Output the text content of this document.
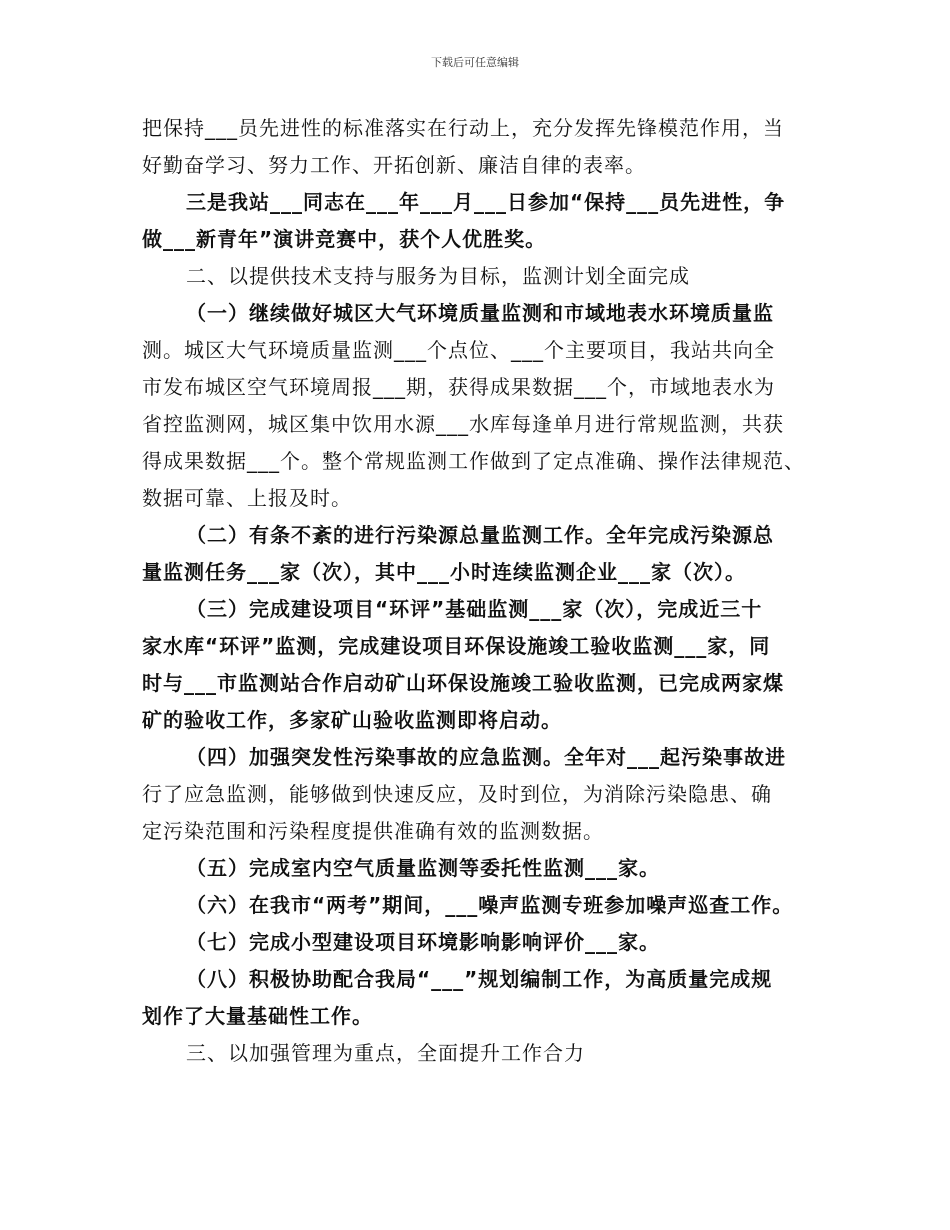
下载后可任意编辑
把保持___员先进性的标准落实在行动上，充分发挥先锋模范作用，当
好勤奋学习、努力工作、开拓创新、廉洁自律的表率。
三是我站___同志在___年___月___日参加“保持___员先进性，争
做___新青年”演讲竞赛中，获个人优胜奖。
二、以提供技术支持与服务为目标，监测计划全面完成
（一）继续做好城区大气环境质量监测和市域地表水环境质量监
测。城区大气环境质量监测___个点位、___个主要项目，我站共向全
市发布城区空气环境周报___期，获得成果数据___个，市域地表水为
省控监测网，城区集中饮用水源___水库每逢单月进行常规监测，共获
得成果数据___个。整个常规监测工作做到了定点准确、操作法律规范、
数据可靠、上报及时。
（二）有条不紊的进行污染源总量监测工作。全年完成污染源总
量监测任务___家（次），其中___小时连续监测企业___家（次）。
（三）完成建设项目“环评”基础监测___家（次），完成近三十
家水库“环评”监测，完成建设项目环保设施竣工验收监测___家，同
时与___市监测站合作启动矿山环保设施竣工验收监测，已完成两家煤
矿的验收工作，多家矿山验收监测即将启动。
（四）加强突发性污染事故的应急监测。全年对___起污染事故进
行了应急监测，能够做到快速反应，及时到位，为消除污染隐患、确
定污染范围和污染程度提供准确有效的监测数据。
（五）完成室内空气质量监测等委托性监测___家。
（六）在我市“两考”期间，___噪声监测专班参加噪声巡查工作。
（七）完成小型建设项目环境影响影响评价___家。
（八）积极协助配合我局“___”规划编制工作，为高质量完成规
划作了大量基础性工作。
三、以加强管理为重点，全面提升工作合力
